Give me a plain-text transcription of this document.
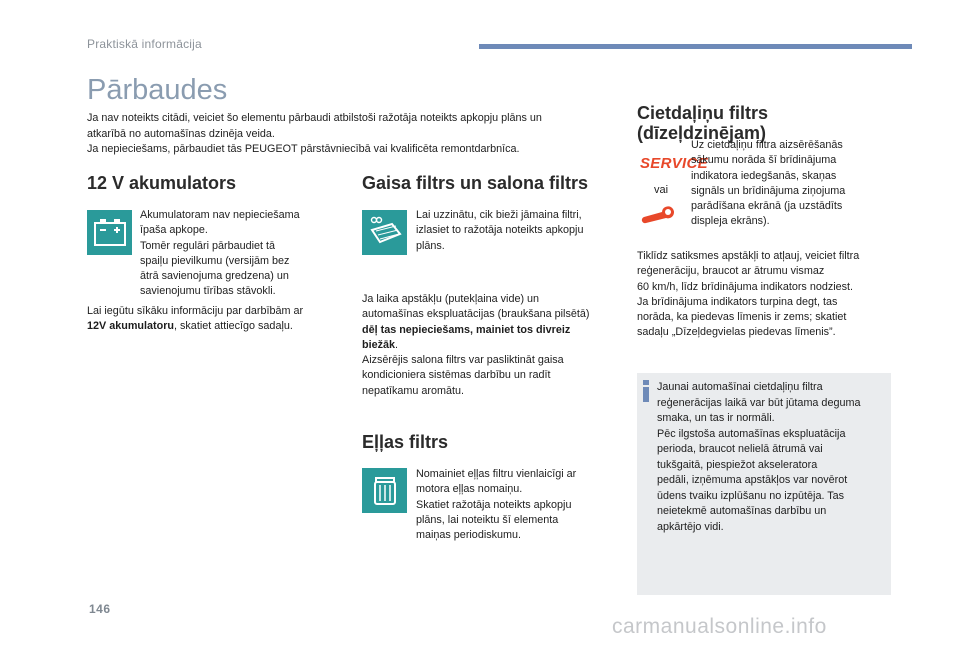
Praktiskā informācija
Pārbaudes
Ja nav noteikts citādi, veiciet šo elementu pārbaudi atbilstoši ražotāja noteikts apkopju plāns un
atkarībā no automašīnas dzinēja veida.
Ja nepieciešams, pārbaudiet tās PEUGEOT pārstāvniecībā vai kvalificēta remontdarbnīca.
12 V akumulators
Akumulatoram nav nepieciešama
īpaša apkope.
Tomēr regulāri pārbaudiet tā
spaiļu pievilkumu (versijām bez
ātrā savienojuma gredzena) un
savienojumu tīrības stāvokli.
Lai iegūtu sīkāku informāciju par darbībām ar
12V akumulatoru, skatiet attiecīgo sadaļu.
Gaisa filtrs un salona filtrs
Lai uzzinātu, cik bieži jāmaina filtri,
izlasiet to ražotāja noteikts apkopju
plāns.
Ja laika apstākļu (putekļaina vide) un
automašīnas ekspluatācijas (braukšana pilsētā)
dēļ tas nepieciešams, mainiet tos divreiz
biežāk.
Aizsērējis salona filtrs var pasliktināt gaisa
kondicioniera sistēmas darbību un radīt
nepatīkamu aromātu.
Eļļas filtrs
Nomainiet eļļas filtru vienlaicīgi ar
motora eļļas nomaiņu.
Skatiet ražotāja noteikts apkopju
plāns, lai noteiktu šī elementa
maiņas periodiskumu.
Cietdaļiņu filtrs
(dīzeļdzinējam)
SERVICE
vai
Uz cietdaļiņu filtra aizsērēšanās
sākumu norāda šī brīdinājuma
indikatora iedegšanās, skaņas
signāls un brīdinājuma ziņojuma
parādīšana ekrānā (ja uzstādīts
displeja ekrāns).
Tiklīdz satiksmes apstākļi to atļauj, veiciet filtra
reģenerāciju, braucot ar ātrumu vismaz
60 km/h, līdz brīdinājuma indikators nodziest.
Ja brīdinājuma indikators turpina degt, tas
norāda, ka piedevas līmenis ir zems; skatiet
sadaļu „Dīzeļdegvielas piedevas līmenis”.
Jaunai automašīnai cietdaļiņu filtra
reģenerācijas laikā var būt jūtama deguma
smaka, un tas ir normāli.
Pēc ilgstoša automašīnas ekspluatācija
perioda, braucot nelielā ātrumā vai
tukšgaitā, piespiežot akseleratora
pedāli, izņēmuma apstākļos var novērot
ūdens tvaiku izplūšanu no izpūtēja. Tas
neietekmē automašīnas darbību un
apkārtējo vidi.
146
carmanualsonline.info
